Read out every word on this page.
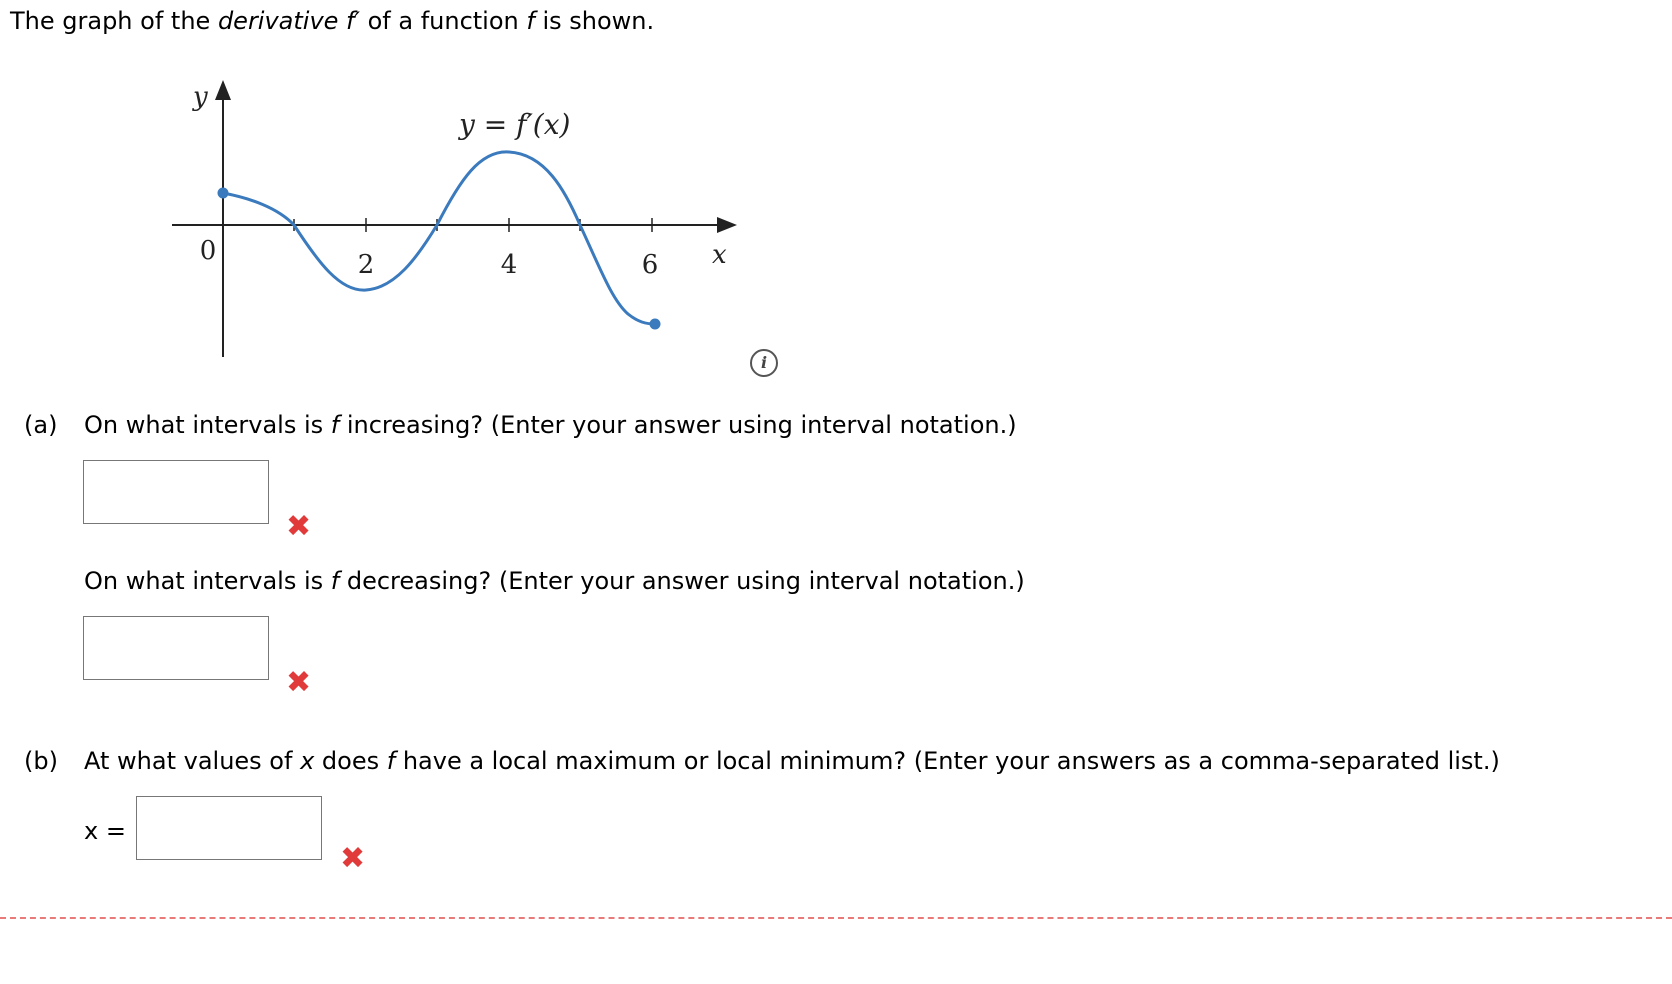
The graph of the derivative f′ of a function f is shown.
y
x
y = f′(x)
0	2	4	6
i
(a) On what intervals is f increasing? (Enter your answer using interval notation.)
✖
On what intervals is f decreasing? (Enter your answer using interval notation.)
✖
(b) At what values of x does f have a local maximum or local minimum? (Enter your answers as a comma-separated list.)
x =
✖
